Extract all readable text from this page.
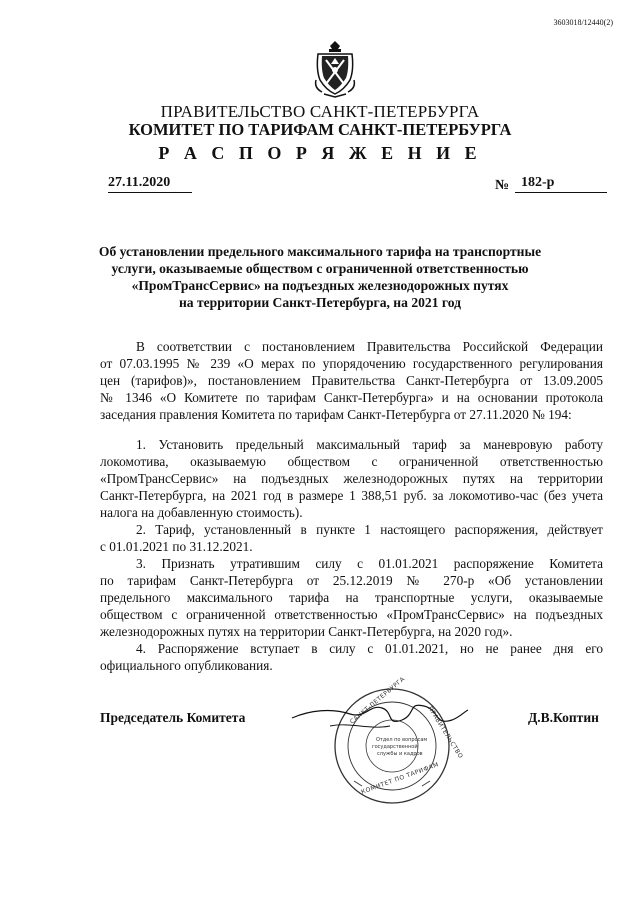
3603018/12440(2)
ПРАВИТЕЛЬСТВО САНКТ-ПЕТЕРБУРГА
КОМИТЕТ ПО ТАРИФАМ САНКТ-ПЕТЕРБУРГА
Р А С П О Р Я Ж Е Н И Е
27.11.2020	№ 182-р
Об установлении предельного максимального тарифа на транспортные
услуги, оказываемые обществом с ограниченной ответственностью
«ПромТрансСервис» на подъездных железнодорожных путях
на территории Санкт-Петербурга, на 2021 год
В соответствии с постановлением Правительства Российской Федерации
от 07.03.1995 № 239 «О мерах по упорядочению государственного регулирования
цен (тарифов)», постановлением Правительства Санкт-Петербурга от 13.09.2005
№ 1346 «О Комитете по тарифам Санкт-Петербурга» и на основании протокола
заседания правления Комитета по тарифам Санкт-Петербурга от 27.11.2020 № 194:
1. Установить предельный максимальный тариф за маневровую работу
локомотива, оказываемую обществом с ограниченной ответственностью
«ПромТрансСервис» на подъездных железнодорожных путях на территории
Санкт-Петербурга, на 2021 год в размере 1 388,51 руб. за локомотиво-час (без учета
налога на добавленную стоимость).
2. Тариф, установленный в пункте 1 настоящего распоряжения, действует
с 01.01.2021 по 31.12.2021.
3. Признать утратившим силу с 01.01.2021 распоряжение Комитета
по тарифам Санкт-Петербурга от 25.12.2019 № 270-р «Об установлении
предельного максимального тарифа на транспортные услуги, оказываемые
обществом с ограниченной ответственностью «ПромТрансСервис» на подъездных
железнодорожных путях на территории Санкт-Петербурга, на 2020 год».
4. Распоряжение вступает в силу с 01.01.2021, но не ранее дня его
официального опубликования.
Председатель Комитета	Д.В.Коптин
Отдел по вопросам
государственной
службы и кадров
САНКТ-ПЕТЕРБУРГА
ПРАВИТЕЛЬСТВО
КОМИТЕТ ПО ТАРИФАМ
